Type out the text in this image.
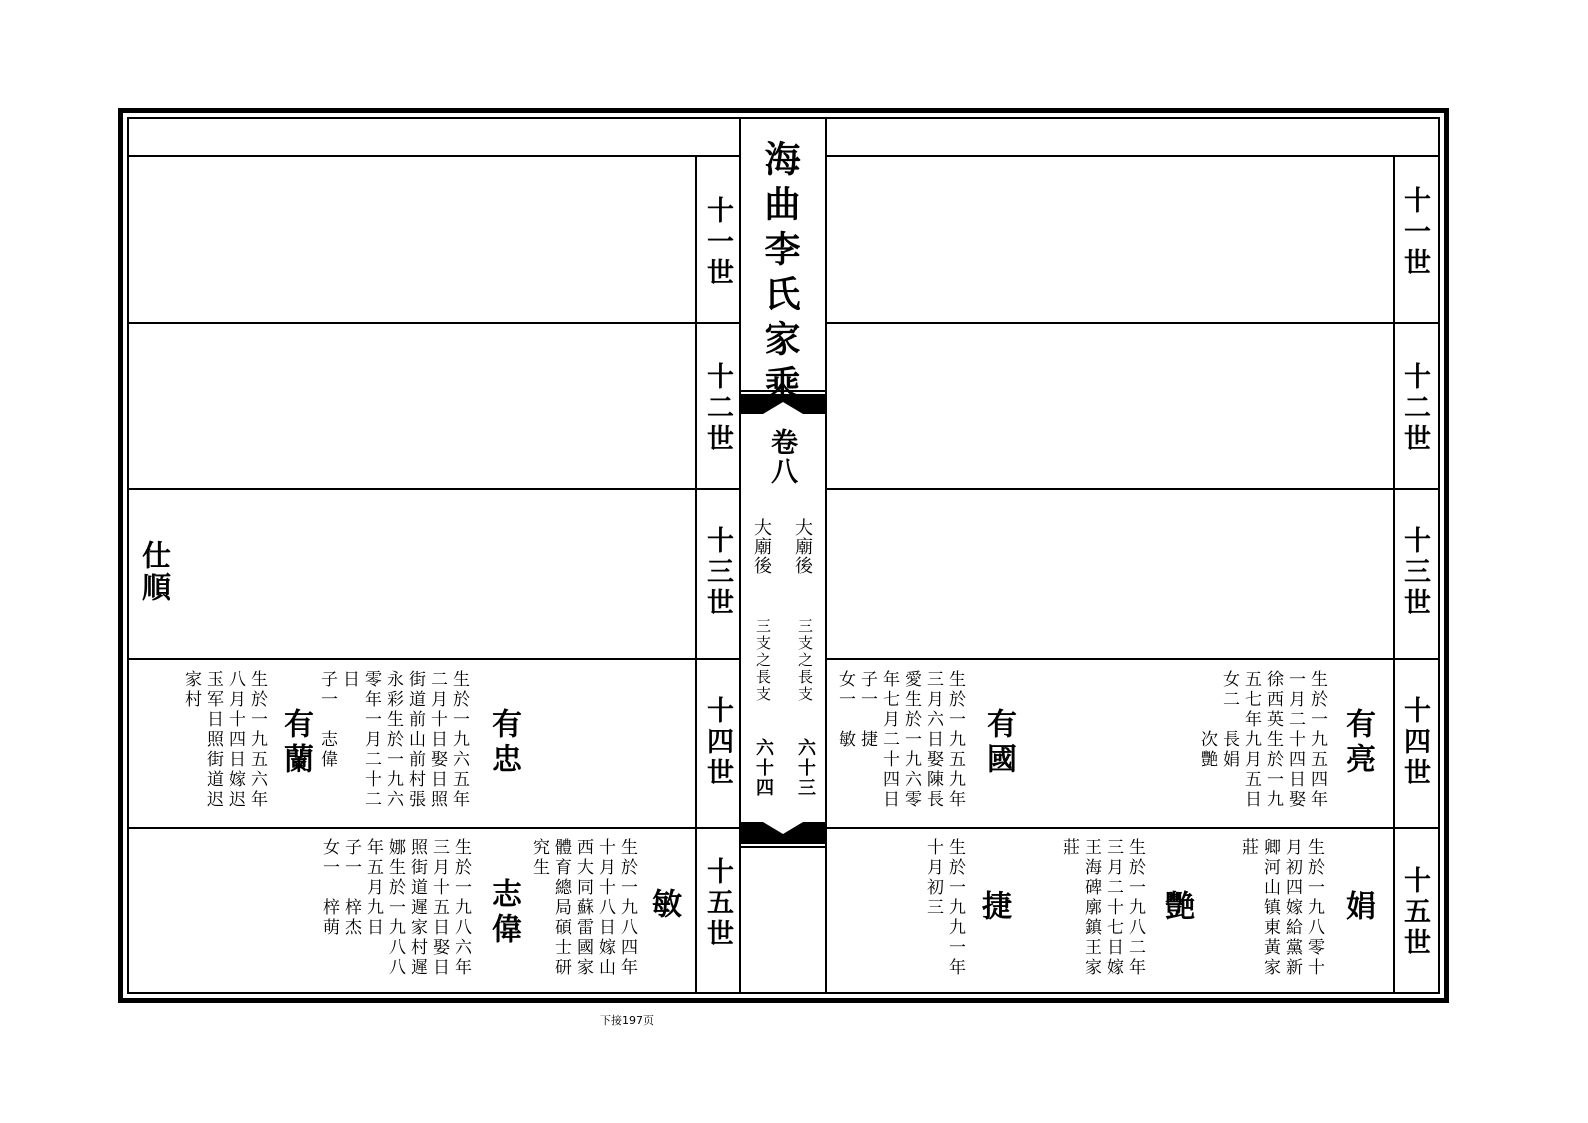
海曲李氏家乘
卷八
大廟後
大廟後
三支之長支
三支之長支
六十三
六十四
十一世
十二世
十三世
十四世
十五世
十一世
十二世
十三世
十四世
十五世
仕順
有忠
生於一九六五年
二月十日娶日照
街道前山前村張
永彩生於一九六
零年一月二十二
日
子一　志偉
有蘭
生於一九五六年
八月十四日嫁迟
玉军日照街道迟
家村
敏
生於一九八四年
十月十八日嫁山
西大同蘇雷國家
體育總局碩士研
究生
志偉
生於一九八六年
三月十五日娶日
照街道遲家村遲
娜生於一九八八
年五月九日
子一　梓杰
女一　梓萌
有亮
生於一九五四年
一月二十四日娶
徐西英生於一九
五七年九月五日
女二　長娟
　　　次艷
有國
生於一九五九年
三月六日娶陳長
愛生於一九六零
年七月二十四日
子一　捷
女一　敏
娟
生於一九八零十
月初四嫁給黨新
卿河山镇東黃家
莊
艷
生於一九八二年
三月二十七日嫁
王海碑廓鎮王家
莊
捷
生於一九九一年
十月初三
下接197页
